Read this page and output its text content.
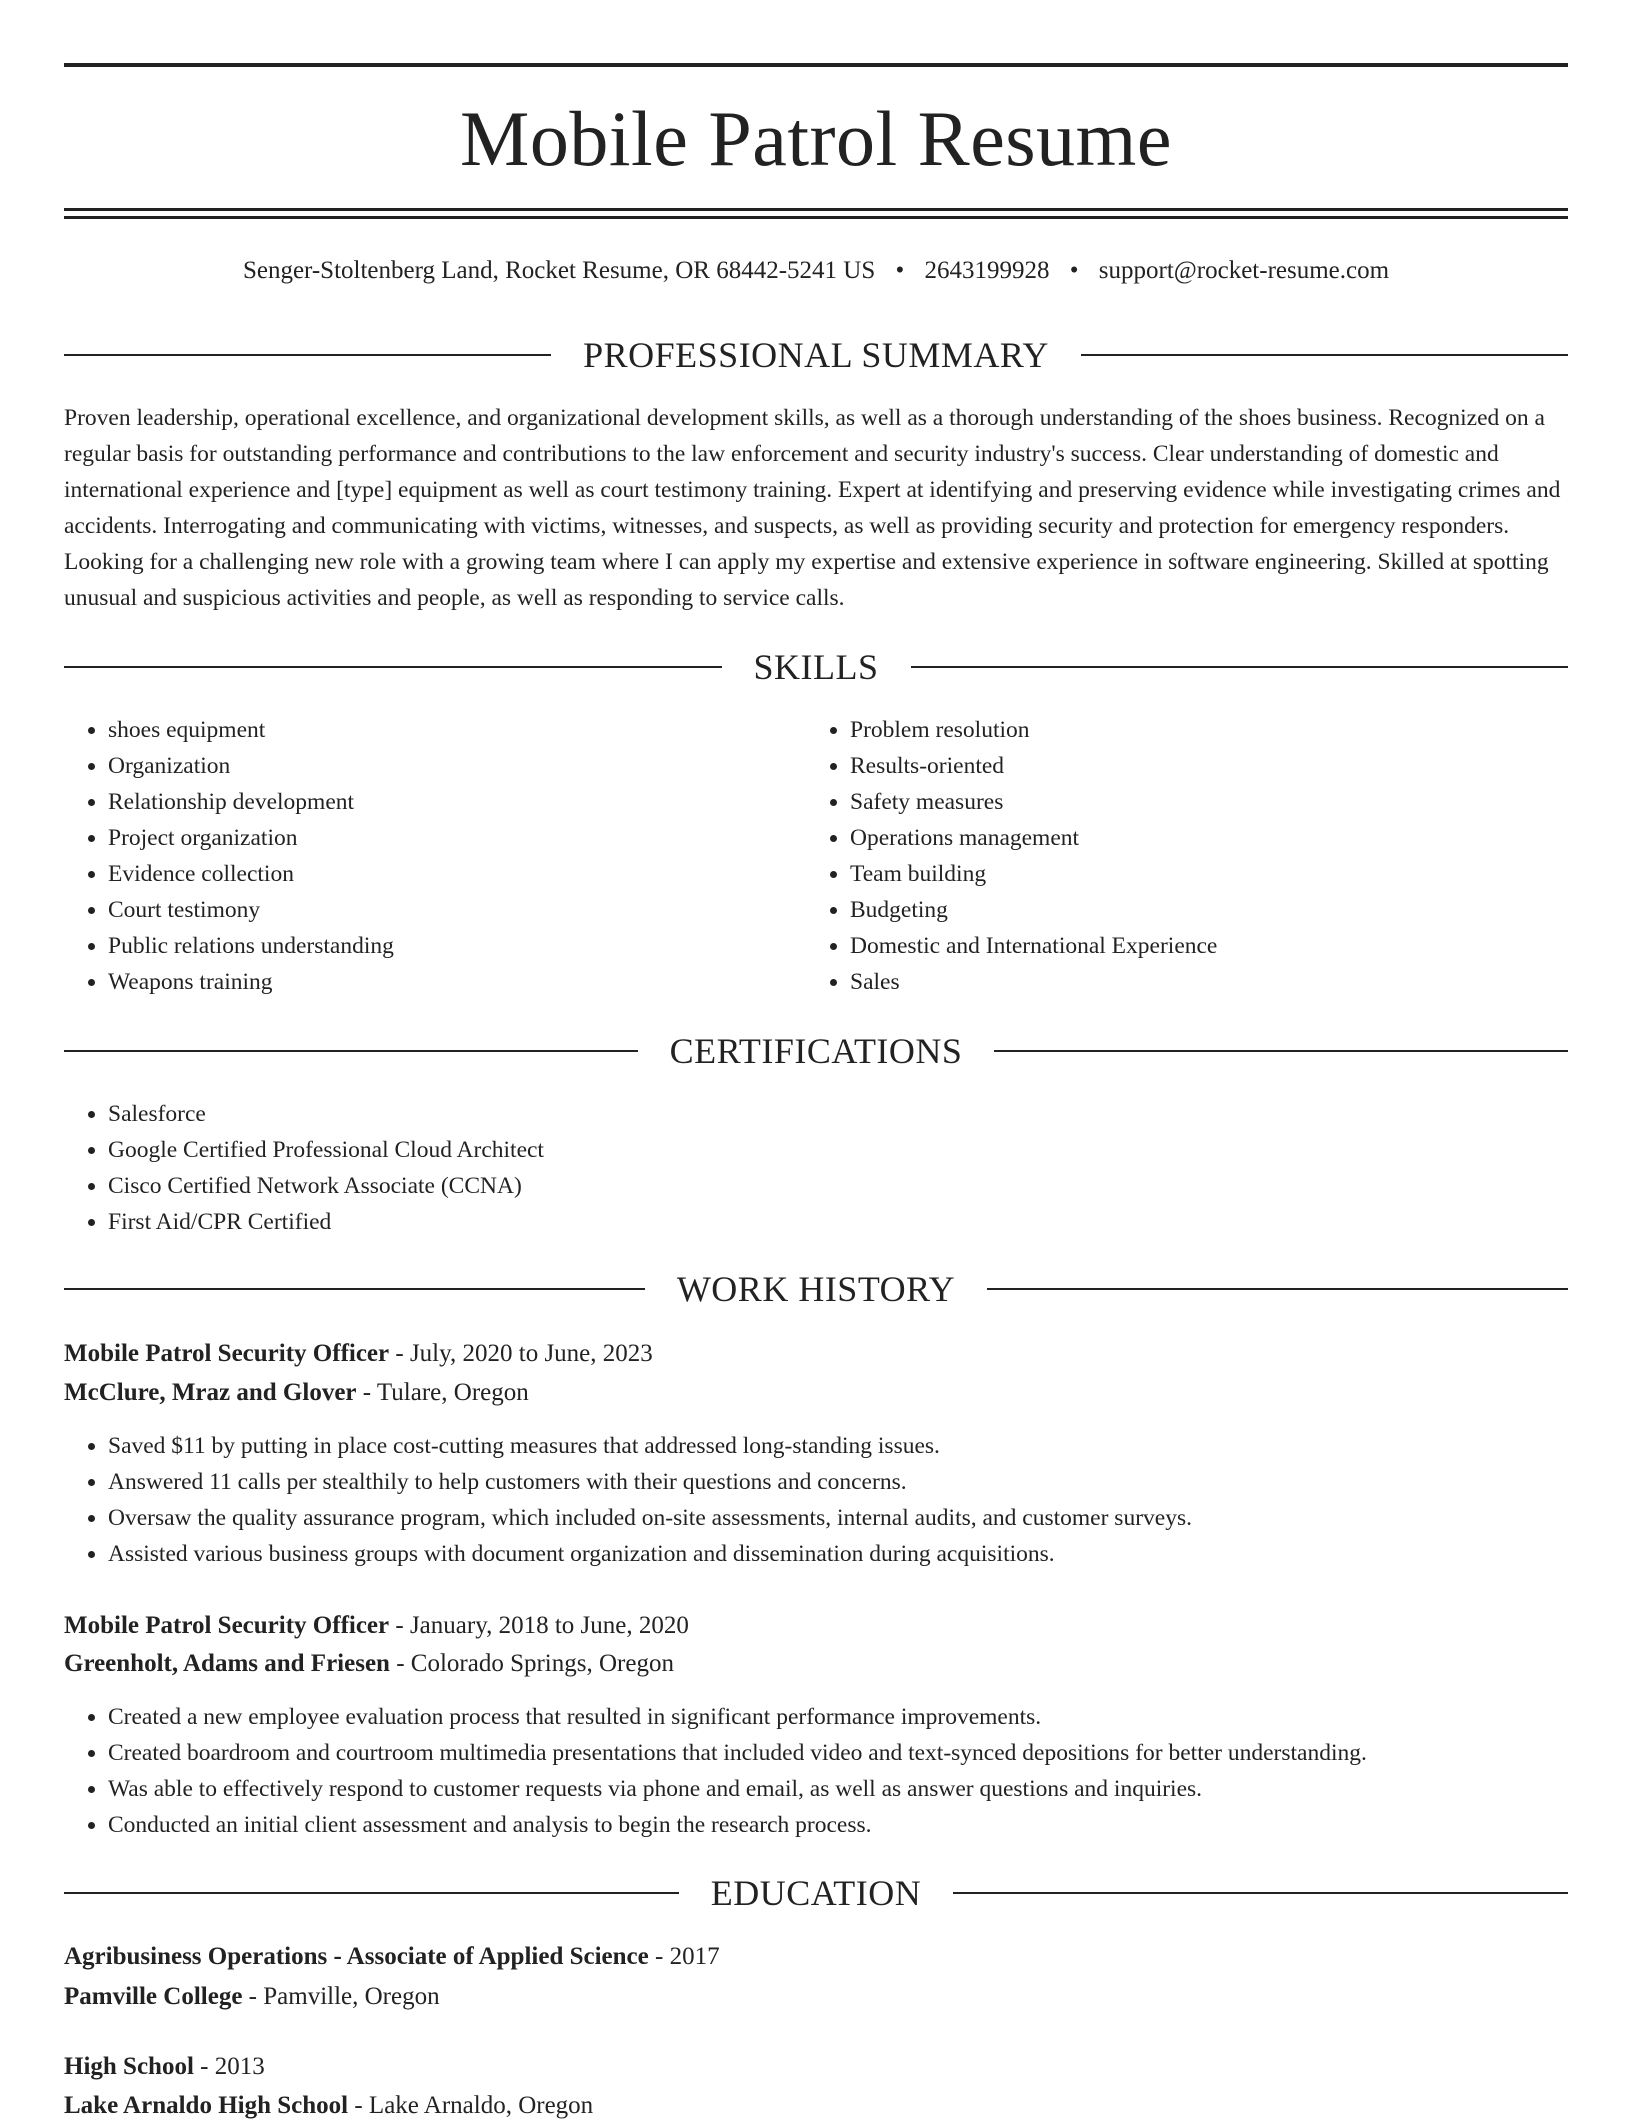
Mobile Patrol Resume
Senger-Stoltenberg Land, Rocket Resume, OR 68442-5241 US • 2643199928 • support@rocket-resume.com
PROFESSIONAL SUMMARY

Proven leadership, operational excellence, and organizational development skills, as well as a thorough understanding of the shoes business. Recognized on a regular basis for outstanding performance and contributions to the law enforcement and security industry's success. Clear understanding of domestic and international experience and [type] equipment as well as court testimony training. Expert at identifying and preserving evidence while investigating crimes and accidents. Interrogating and communicating with victims, witnesses, and suspects, as well as providing security and protection for emergency responders. Looking for a challenging new role with a growing team where I can apply my expertise and extensive experience in software engineering. Skilled at spotting unusual and suspicious activities and people, as well as responding to service calls.

SKILLS
• shoes equipment
• Organization
• Relationship development
• Project organization
• Evidence collection
• Court testimony
• Public relations understanding
• Weapons training
• Problem resolution
• Results-oriented
• Safety measures
• Operations management
• Team building
• Budgeting
• Domestic and International Experience
• Sales
CERTIFICATIONS
• Salesforce
• Google Certified Professional Cloud Architect
• Cisco Certified Network Associate (CCNA)
• First Aid/CPR Certified
WORK HISTORY
Mobile Patrol Security Officer - July, 2020 to June, 2023
McClure, Mraz and Glover - Tulare, Oregon
• Saved $11 by putting in place cost-cutting measures that addressed long-standing issues.
• Answered 11 calls per stealthily to help customers with their questions and concerns.
• Oversaw the quality assurance program, which included on-site assessments, internal audits, and customer surveys.
• Assisted various business groups with document organization and dissemination during acquisitions.
Mobile Patrol Security Officer - January, 2018 to June, 2020
Greenholt, Adams and Friesen - Colorado Springs, Oregon
• Created a new employee evaluation process that resulted in significant performance improvements.
• Created boardroom and courtroom multimedia presentations that included video and text-synced depositions for better understanding.
• Was able to effectively respond to customer requests via phone and email, as well as answer questions and inquiries.
• Conducted an initial client assessment and analysis to begin the research process.
EDUCATION
Agribusiness Operations - Associate of Applied Science - 2017
Pamville College - Pamville, Oregon
High School - 2013
Lake Arnaldo High School - Lake Arnaldo, Oregon
